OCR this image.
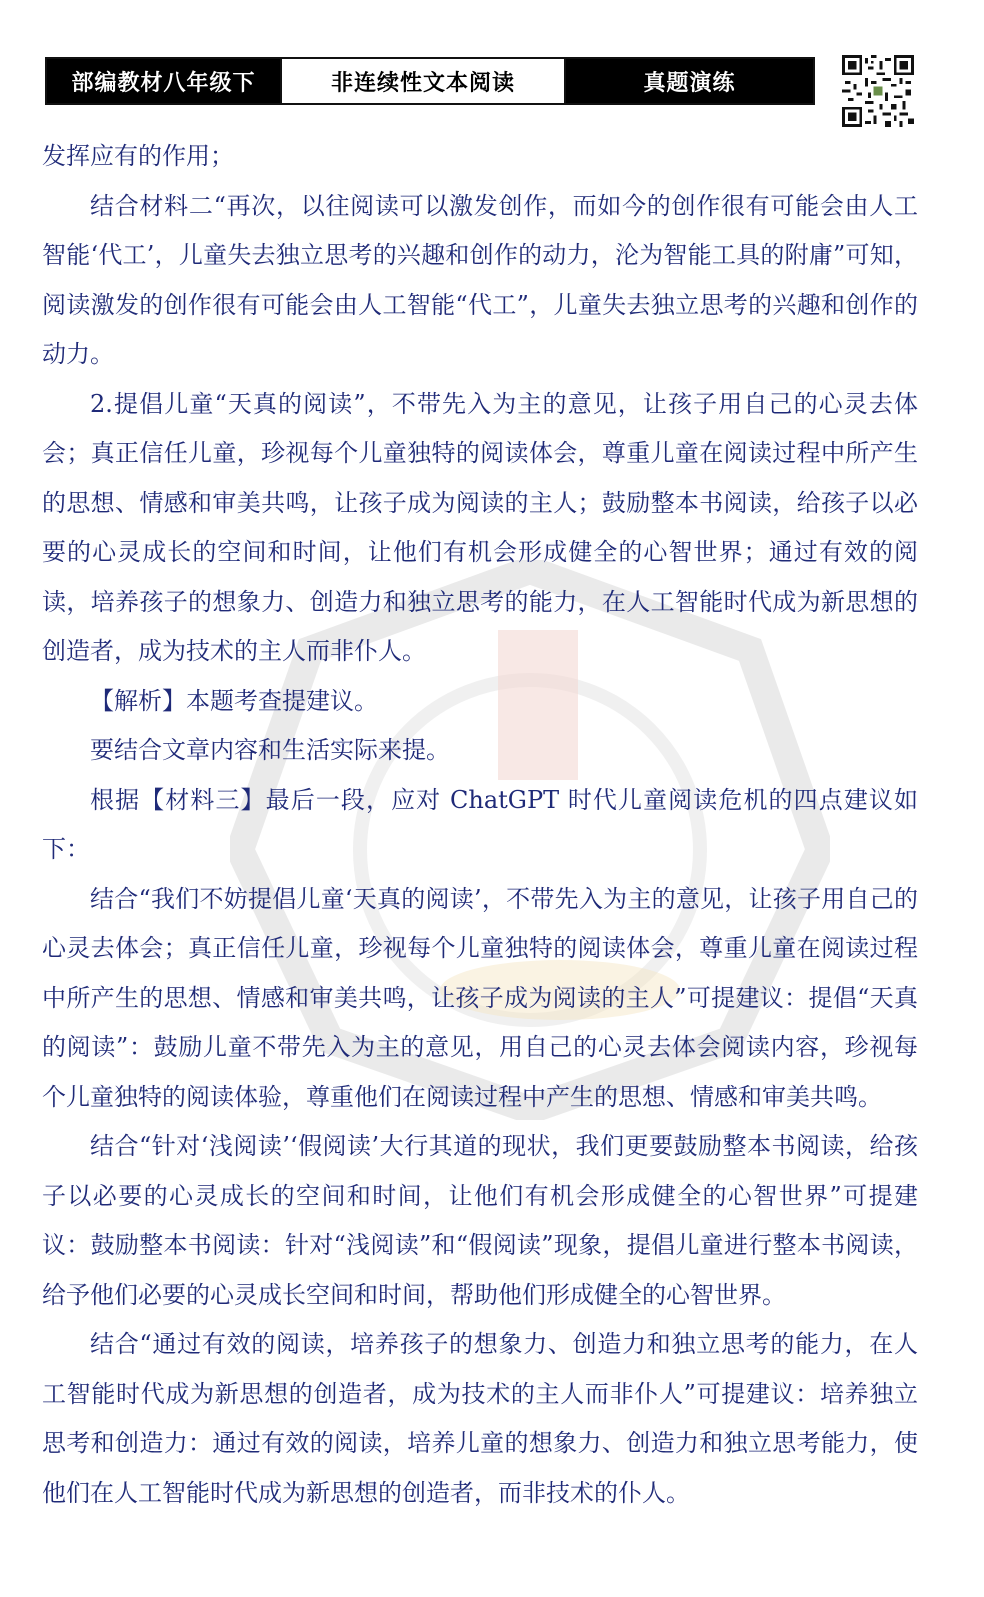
部编教材八年级下	非连续性文本阅读	真题演练

发挥应有的作用；

结合材料二“再次，以往阅读可以激发创作，而如今的创作很有可能会由人工智能‘代工’，儿童失去独立思考的兴趣和创作的动力，沦为智能工具的附庸”可知，阅读激发的创作很有可能会由人工智能“代工”，儿童失去独立思考的兴趣和创作的动力。

2.提倡儿童“天真的阅读”，不带先入为主的意见，让孩子用自己的心灵去体会；真正信任儿童，珍视每个儿童独特的阅读体会，尊重儿童在阅读过程中所产生的思想、情感和审美共鸣，让孩子成为阅读的主人；鼓励整本书阅读，给孩子以必要的心灵成长的空间和时间，让他们有机会形成健全的心智世界；通过有效的阅读，培养孩子的想象力、创造力和独立思考的能力，在人工智能时代成为新思想的创造者，成为技术的主人而非仆人。

【解析】本题考查提建议。

要结合文章内容和生活实际来提。

根据【材料三】最后一段，应对 ChatGPT 时代儿童阅读危机的四点建议如下：

结合“我们不妨提倡儿童‘天真的阅读’，不带先入为主的意见，让孩子用自己的心灵去体会；真正信任儿童，珍视每个儿童独特的阅读体会，尊重儿童在阅读过程中所产生的思想、情感和审美共鸣，让孩子成为阅读的主人”可提建议：提倡“天真的阅读”：鼓励儿童不带先入为主的意见，用自己的心灵去体会阅读内容，珍视每个儿童独特的阅读体验，尊重他们在阅读过程中产生的思想、情感和审美共鸣。

结合“针对‘浅阅读’‘假阅读’大行其道的现状，我们更要鼓励整本书阅读，给孩子以必要的心灵成长的空间和时间，让他们有机会形成健全的心智世界”可提建议：鼓励整本书阅读：针对“浅阅读”和“假阅读”现象，提倡儿童进行整本书阅读，给予他们必要的心灵成长空间和时间，帮助他们形成健全的心智世界。

结合“通过有效的阅读，培养孩子的想象力、创造力和独立思考的能力，在人工智能时代成为新思想的创造者，成为技术的主人而非仆人”可提建议：培养独立思考和创造力：通过有效的阅读，培养儿童的想象力、创造力和独立思考能力，使他们在人工智能时代成为新思想的创造者，而非技术的仆人。
